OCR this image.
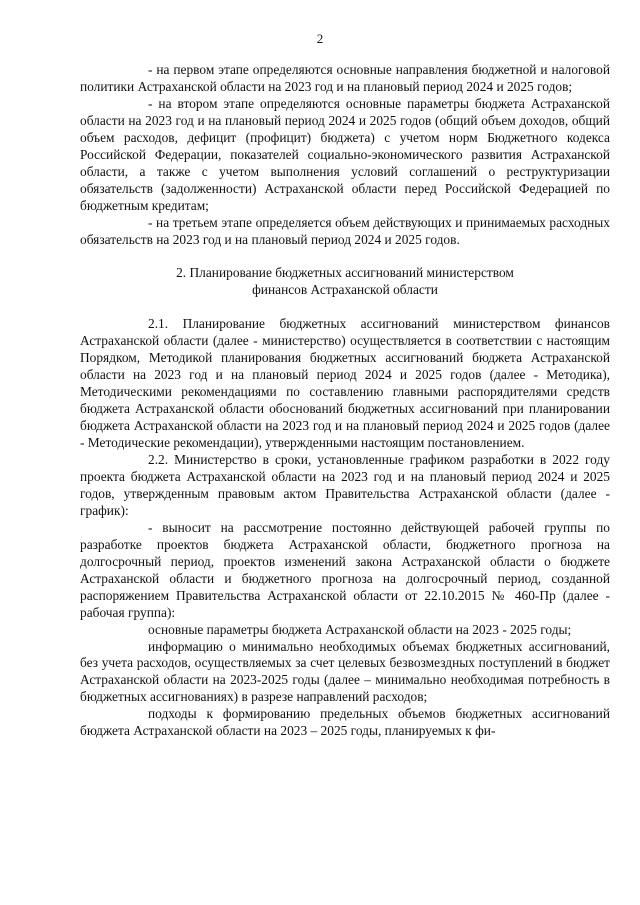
2

- на первом этапе определяются основные направления бюджетной и налоговой политики Астраханской области на 2023 год и на плановый период 2024 и 2025 годов;

- на втором этапе определяются основные параметры бюджета Астраханской области на 2023 год и на плановый период 2024 и 2025 годов (общий объем доходов, общий объем расходов, дефицит (профицит) бюджета) с учетом норм Бюджетного кодекса Российской Федерации, показателей социально-экономического развития Астраханской области, а также с учетом выполнения условий соглашений о реструктуризации обязательств (задолженности) Астраханской области перед Российской Федерацией по бюджетным кредитам;

- на третьем этапе определяется объем действующих и принимаемых расходных обязательств на 2023 год и на плановый период 2024 и 2025 годов.

2. Планирование бюджетных ассигнований министерством
финансов Астраханской области

2.1. Планирование бюджетных ассигнований министерством финансов Астраханской области (далее - министерство) осуществляется в соответствии с настоящим Порядком, Методикой планирования бюджетных ассигнований бюджета Астраханской области на 2023 год и на плановый период 2024 и 2025 годов (далее - Методика), Методическими рекомендациями по составлению главными распорядителями средств бюджета Астраханской области обоснований бюджетных ассигнований при планировании бюджета Астраханской области на 2023 год и на плановый период 2024 и 2025 годов (далее - Методические рекомендации), утвержденными настоящим постановлением.

2.2. Министерство в сроки, установленные графиком разработки в 2022 году проекта бюджета Астраханской области на 2023 год и на плановый период 2024 и 2025 годов, утвержденным правовым актом Правительства Астраханской области (далее - график):

- выносит на рассмотрение постоянно действующей рабочей группы по разработке проектов бюджета Астраханской области, бюджетного прогноза на долгосрочный период, проектов изменений закона Астраханской области о бюджете Астраханской области и бюджетного прогноза на долгосрочный период, созданной распоряжением Правительства Астраханской области от 22.10.2015 № 460-Пр (далее - рабочая группа):

основные параметры бюджета Астраханской области на 2023 - 2025 годы;

информацию о минимально необходимых объемах бюджетных ассигнований, без учета расходов, осуществляемых за счет целевых безвозмездных поступлений в бюджет Астраханской области на 2023-2025 годы (далее – минимально необходимая потребность в бюджетных ассигнованиях) в разрезе направлений расходов;

подходы к формированию предельных объемов бюджетных ассигнований бюджета Астраханской области на 2023 – 2025 годы, планируемых к фи-
